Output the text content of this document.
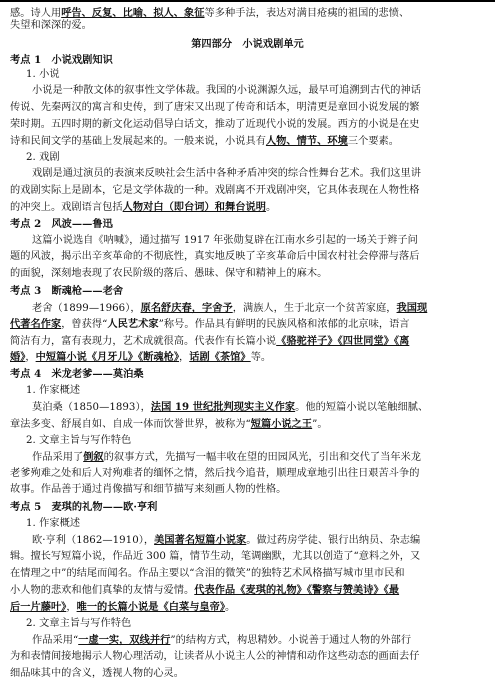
感。诗人用呼告、反复、比喻、拟人、象征等多种手法，表达对满目疮痍的祖国的悲愤、
失望和深深的爱。
第四部分　小说戏剧单元
考点 1　小说戏剧知识
1. 小说
小说是一种散文体的叙事性文学体裁。我国的小说渊源久远，最早可追溯到古代的神话
传说、先秦两汉的寓言和史传，到了唐宋又出现了传奇和话本，明清更是章回小说发展的繁
荣时期。五四时期的新文化运动倡导白话文，推动了近现代小说的发展。西方的小说是在史
诗和民间文学的基础上发展起来的。一般来说，小说具有人物、情节、环境三个要素。
2. 戏剧
戏剧是通过演员的表演来反映社会生活中各种矛盾冲突的综合性舞台艺术。我们这里讲
的戏剧实际上是剧本，它是文学体裁的一种。戏剧离不开戏剧冲突，它具体表现在人物性格
的冲突上。戏剧语言包括人物对白（即台词）和舞台说明。
考点 2　风波——鲁迅
这篇小说选自《呐喊》，通过描写 1917 年张勋复辟在江南水乡引起的一场关于辫子问
题的风波，揭示出辛亥革命的不彻底性，真实地反映了辛亥革命后中国农村社会停滞与落后
的面貌，深刻地表现了农民阶级的落后、愚昧、保守和精神上的麻木。
考点 3　断魂枪——老舍
老舍（1899—1966），原名舒庆春，字舍予，满族人，生于北京一个贫苦家庭，我国现
代著名作家，曾获得“人民艺术家”称号。作品具有鲜明的民族风格和浓郁的北京味，语言
简洁有力，富有表现力，艺术成就很高。代表作有长篇小说《骆驼祥子》《四世同堂》《离
婚》，中短篇小说《月牙儿》《断魂枪》，话剧《茶馆》等。
考点 4　米龙老爹——莫泊桑
1. 作家概述
莫泊桑（1850—1893），法国 19 世纪批判现实主义作家。他的短篇小说以笔触细腻、
章法多变、舒展自如、自成一体而饮誉世界，被称为“短篇小说之王”。
2. 文章主旨与写作特色
作品采用了倒叙的叙事方式，先描写一幅丰收在望的田园风光，引出和交代了当年米龙
老爹殉难之处和后人对殉难者的缅怀之情，然后找今追昔，顺理成章地引出往日艰苦斗争的
故事。作品善于通过肖像描写和细节描写来刻画人物的性格。
考点 5　麦琪的礼物——欧·亨利
1. 作家概述
欧·亨利（1862—1910），美国著名短篇小说家。做过药房学徒、银行出纳员、杂志编
辑。擅长写短篇小说，作品近 300 篇，情节生动，笔调幽默，尤其以创造了“意料之外，又
在情理之中”的结尾而闻名。作品主要以“含泪的微笑”的独特艺术风格描写城市里市民和
小人物的悲欢和他们真挚的友情与爱情。代表作品《麦琪的礼物》《警察与赞美诗》《最
后一片藤叶》，唯一的长篇小说是《白菜与皇帝》。
2. 文章主旨与写作特色
作品采用“一虚一实，双线并行”的结构方式，构思精妙。小说善于通过人物的外部行
为和表情间接地揭示人物心理活动，让读者从小说主人公的神情和动作这些动态的画面去仔
细品味其中的含义，透视人物的心灵。
